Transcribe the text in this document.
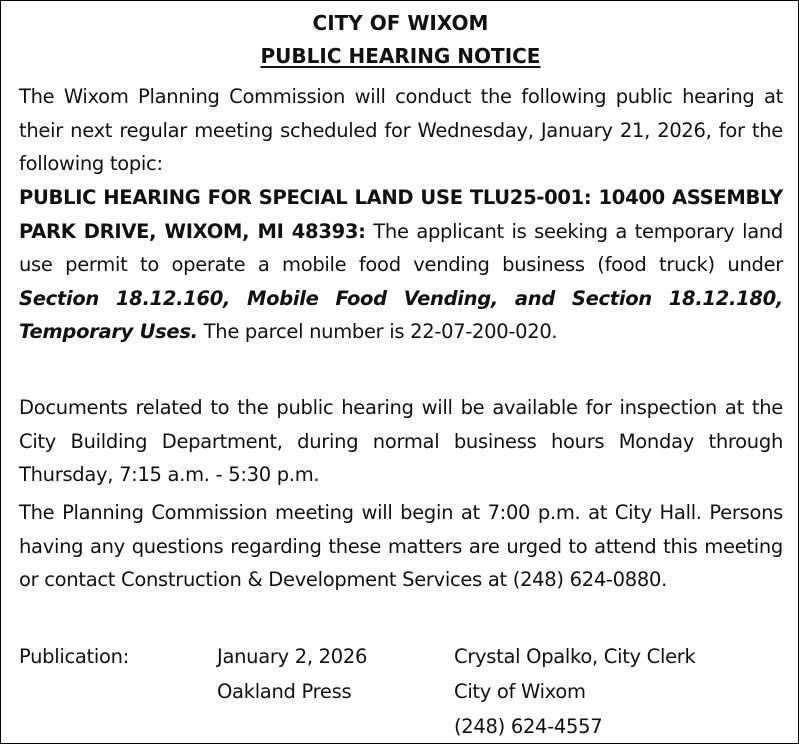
CITY OF WIXOM
PUBLIC HEARING NOTICE
The Wixom Planning Commission will conduct the following public hearing at their next regular meeting scheduled for Wednesday, January 21, 2026, for the following topic:
PUBLIC HEARING FOR SPECIAL LAND USE TLU25-001: 10400 ASSEMBLY PARK DRIVE, WIXOM, MI 48393: The applicant is seeking a temporary land use permit to operate a mobile food vending business (food truck) under Section 18.12.160, Mobile Food Vending, and Section 18.12.180, Temporary Uses. The parcel number is 22-07-200-020.
Documents related to the public hearing will be available for inspection at the City Building Department, during normal business hours Monday through Thursday, 7:15 a.m. - 5:30 p.m.
The Planning Commission meeting will begin at 7:00 p.m. at City Hall. Persons having any questions regarding these matters are urged to attend this meeting or contact Construction & Development Services at (248) 624-0880.
Publication:	January 2, 2026
Oakland Press
Crystal Opalko, City Clerk
City of Wixom
(248) 624-4557
